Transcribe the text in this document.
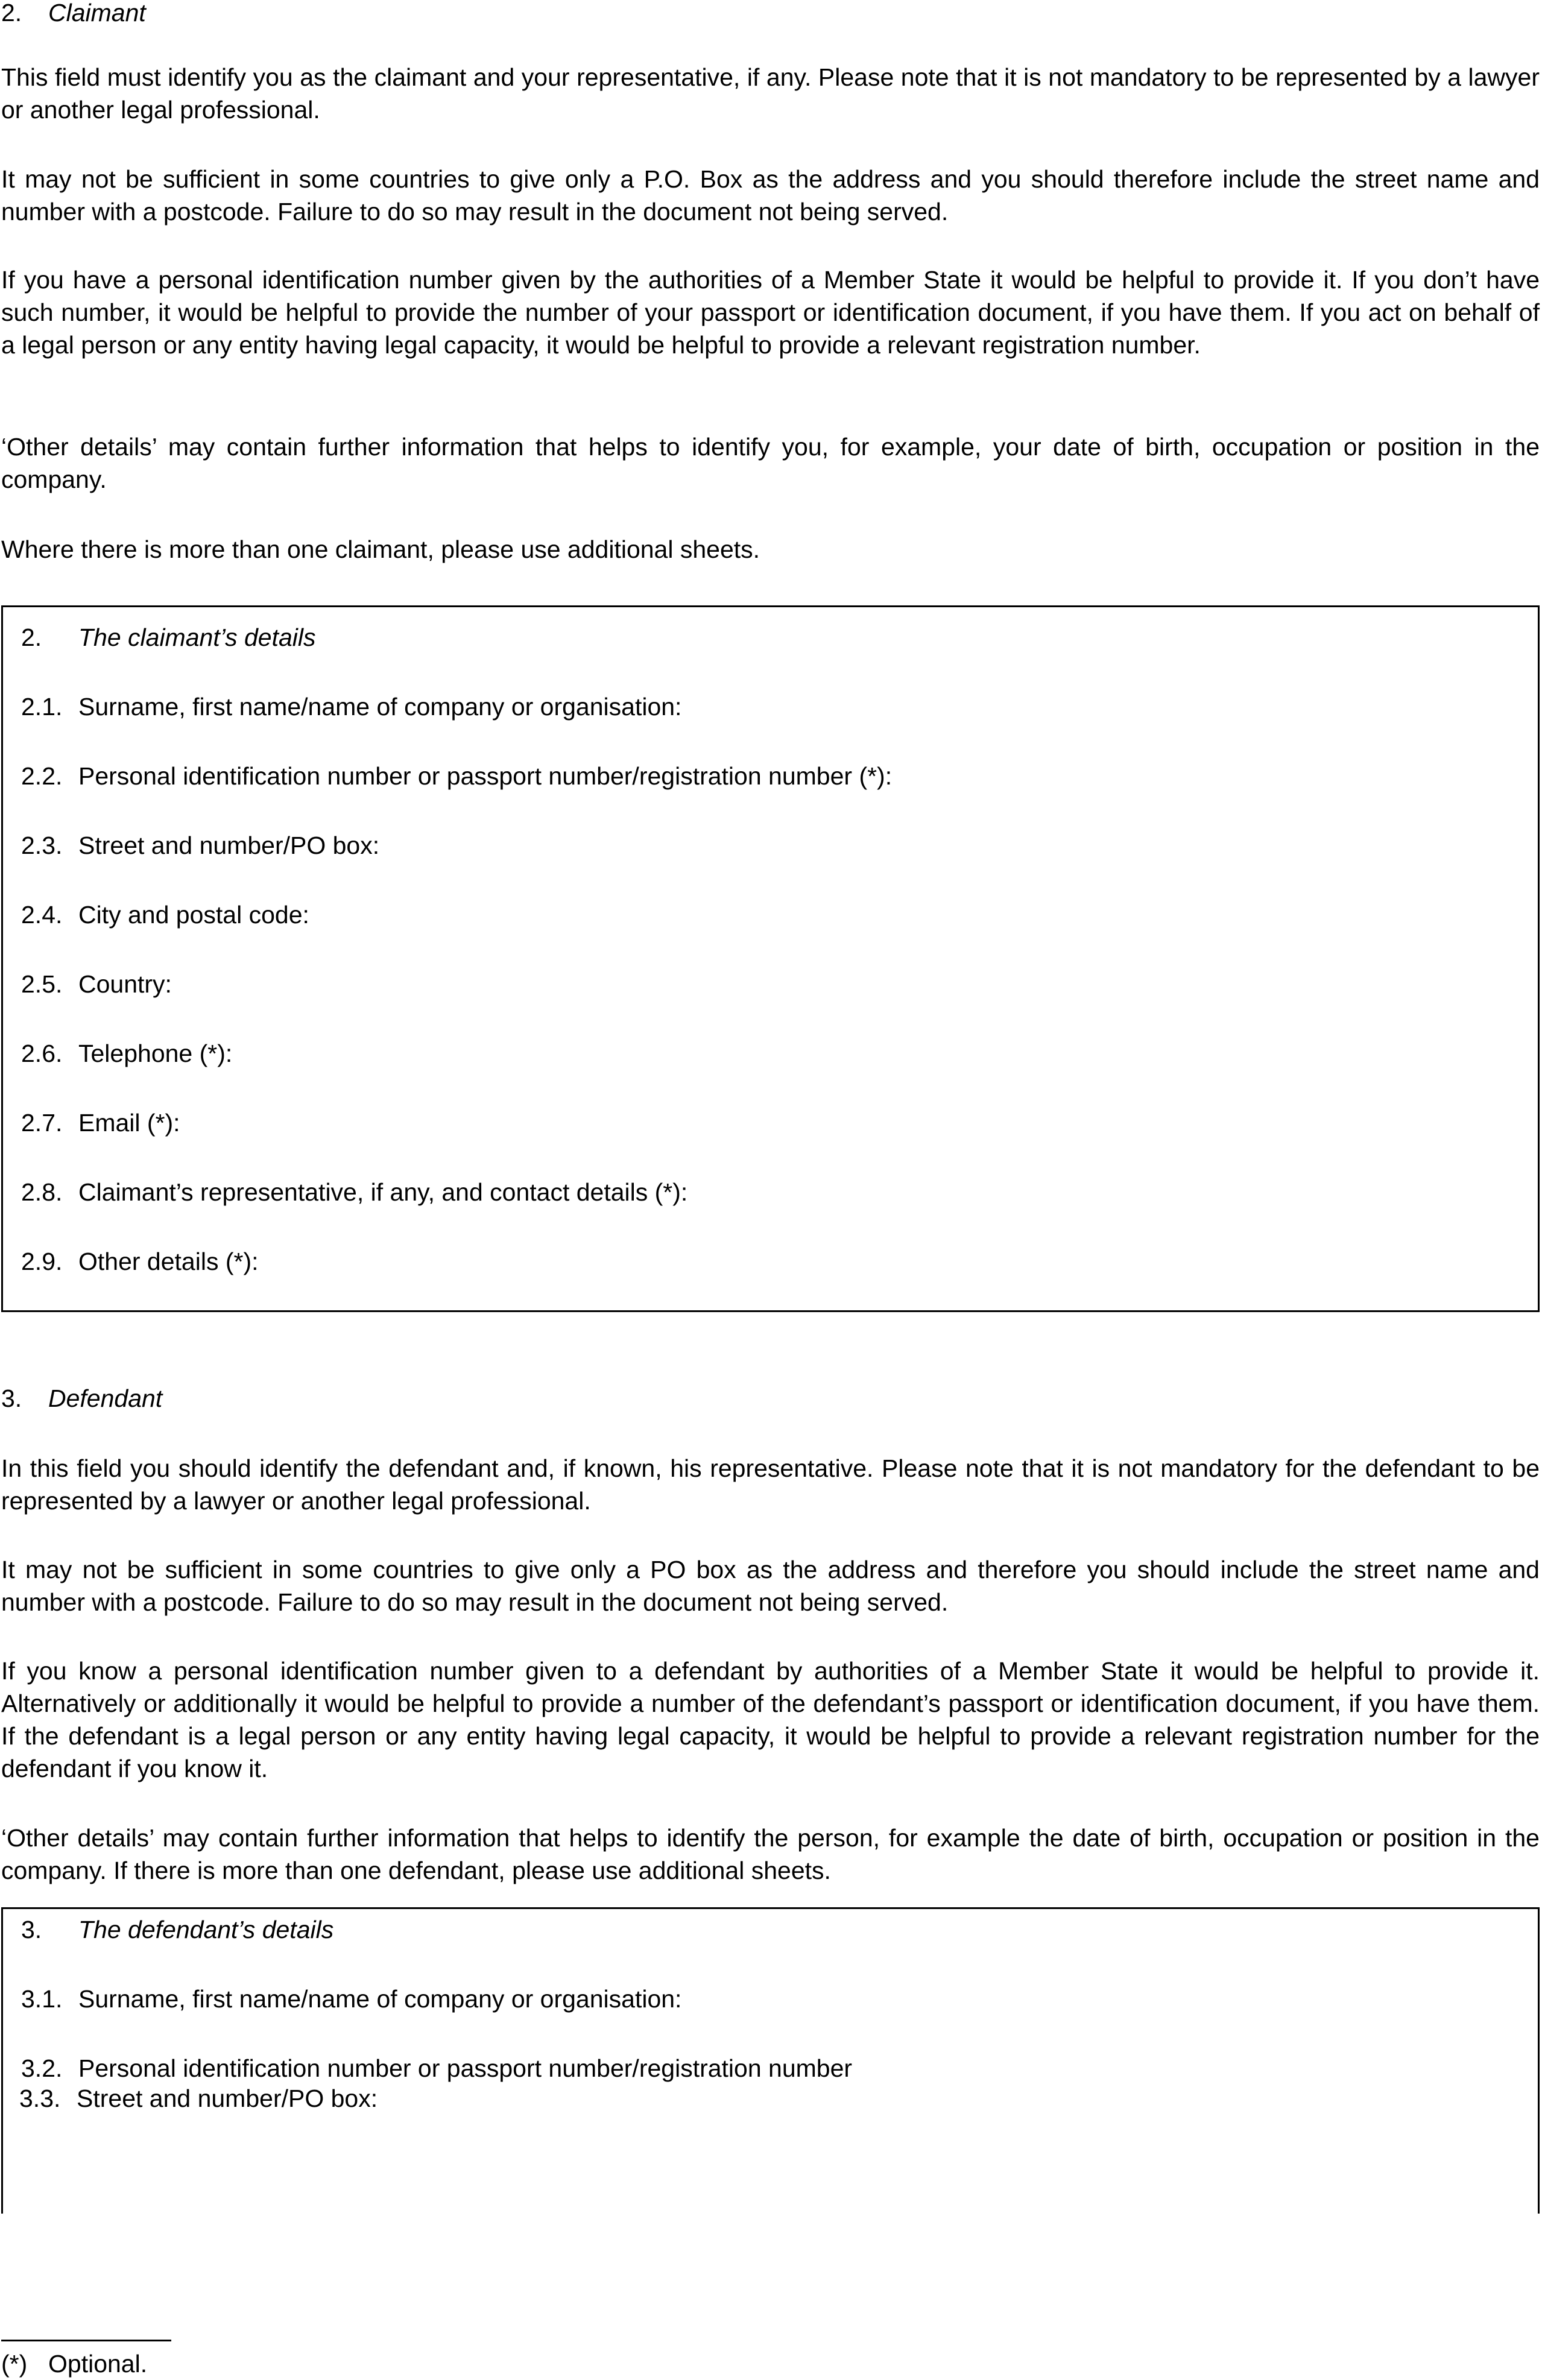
2. Claimant

This field must identify you as the claimant and your representative, if any. Please note that it is not mandatory to be represented by a lawyer or another legal professional.

It may not be sufficient in some countries to give only a P.O. Box as the address and you should therefore include the street name and number with a postcode. Failure to do so may result in the document not being served.

If you have a personal identification number given by the authorities of a Member State it would be helpful to provide it. If you don’t have such number, it would be helpful to provide the number of your passport or identification document, if you have them. If you act on behalf of a legal person or any entity having legal capacity, it would be helpful to provide a relevant registration number.

‘Other details’ may contain further information that helps to identify you, for example, your date of birth, occupation or position in the company.

Where there is more than one claimant, please use additional sheets.

2. The claimant’s details
2.1. Surname, first name/name of company or organisation:
2.2. Personal identification number or passport number/registration number (*):
2.3. Street and number/PO box:
2.4. City and postal code:
2.5. Country:
2.6. Telephone (*):
2.7. Email (*):
2.8. Claimant’s representative, if any, and contact details (*):
2.9. Other details (*):
3. Defendant

In this field you should identify the defendant and, if known, his representative. Please note that it is not mandatory for the defendant to be represented by a lawyer or another legal professional.

It may not be sufficient in some countries to give only a PO box as the address and therefore you should include the street name and number with a postcode. Failure to do so may result in the document not being served.

If you know a personal identification number given to a defendant by authorities of a Member State it would be helpful to provide it. Alternatively or additionally it would be helpful to provide a number of the defendant’s passport or identification document, if you have them. If the defendant is a legal person or any entity having legal capacity, it would be helpful to provide a relevant registration number for the defendant if you know it.

‘Other details’ may contain further information that helps to identify the person, for example the date of birth, occupation or position in the company. If there is more than one defendant, please use additional sheets.

3. The defendant’s details
3.1. Surname, first name/name of company or organisation:
3.2. Personal identification number or passport number/registration number
3.3. Street and number/PO box:
(*) Optional.
